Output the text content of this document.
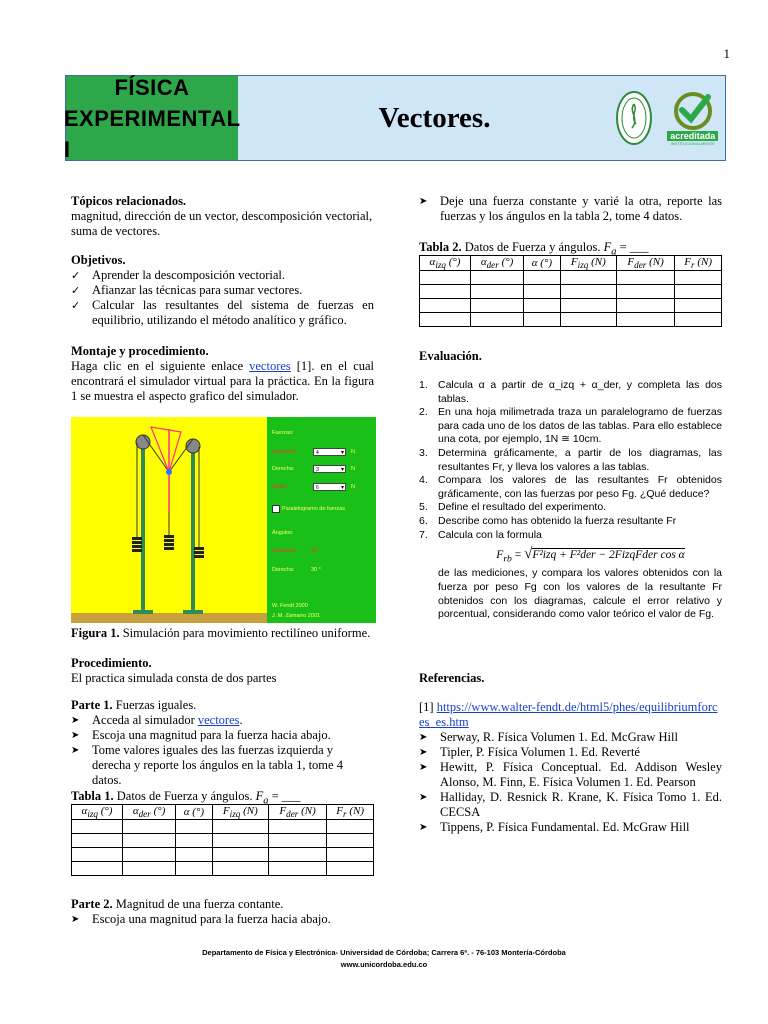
1
FÍSICA
EXPERIMENTAL I
Vectores.
acreditada
INSTITUCIONALMENTE
Tópicos relacionados.

magnitud, dirección de un vector, descomposición vectorial, suma de vectores.

Objetivos.
✓ Aprender la descomposición vectorial.
✓ Afianzar las técnicas para sumar vectores.
✓ Calcular las resultantes del sistema de fuerzas en equilibrio, utilizando el método analítico y gráfico.
Montaje y procedimiento.

Haga clic en el siguiente enlace vectores [1]. en el cual encontrará el simulador virtual para la práctica. En la figura 1 se muestra el aspecto grafico del simulador.

Fuerzas:
Izquierda:	4 ▾	N
Derecha:	3 ▾	N
Abajo:	6 ▾	N
Paralelogramo de fuerzas
Ángulos:
Izquierda:	20 °
Derecha:	30 °
W. Fendt 2000
J. M. Zamarro 2001
Figura 1. Simulación para movimiento rectilíneo uniforme.
Procedimiento.

El practica simulada consta de dos partes

Parte 1. Fuerzas iguales.

➤ Acceda al simulador vectores.
➤ Escoja una magnitud para la fuerza hacia abajo.
➤ Tome valores iguales des las fuerzas izquierda y derecha y reporte los ángulos en la tabla 1, tome 4 datos.
Tabla 1. Datos de Fuerza y ángulos. $F_a$ = ___
$\alpha_{izq}$ (°)	$\alpha_{der}$ (°)	α (°)	$F_{izq}$ (N)	$F_{der}$ (N)	$F_r$ (N)

Parte 2. Magnitud de una fuerza contante.

➤ Escoja una magnitud para la fuerza hacia abajo.
➤ Deje una fuerza constante y varié la otra, reporte las fuerzas y los ángulos en la tabla 2, tome 4 datos.
Tabla 2. Datos de Fuerza y ángulos. $F_a$ = ___
$\alpha_{izq}$ (°)	$\alpha_{der}$ (°)	α (°)	$F_{izq}$ (N)	$F_{der}$ (N)	$F_r$ (N)

Evaluación.
1. Calcula α a partir de α_izq + α_der, y completa las dos tablas.
2. En una hoja milimetrada traza un paralelogramo de fuerzas para cada uno de los datos de las tablas. Para ello establece una cota, por ejemplo, 1N ≅ 10cm.
3. Determina gráficamente, a partir de los diagramas, las resultantes Fr, y lleva los valores a las tablas.
4. Compara los valores de las resultantes Fr obtenidos gráficamente, con las fuerzas por peso Fg. ¿Qué deduce?
5. Define el resultado del experimento.
6. Describe como has obtenido la fuerza resultante Fr
7. Calcula con la formula
$F_{rb} = √F^2izq + F^2der$ − 2FizqFder cos α

de las mediciones, y compara los valores obtenidos con la fuerza por peso Fg con los valores de la resultante Fr obtenidos con los diagramas, calcule el error relativo y porcentual, considerando como valor teórico el valor de Fg.

Referencias.

[1] https://www.walter-fendt.de/html5/phes/equilibriumforces_es.htm

➤ Serway, R. Física Volumen 1. Ed. McGraw Hill
➤ Tipler, P. Física Volumen 1. Ed. Reverté
➤ Hewitt, P. Física Conceptual. Ed. Addison Wesley Alonso, M. Finn, E. Física Volumen 1. Ed. Pearson
➤ Halliday, D. Resnick R. Krane, K. Física Tomo 1. Ed. CECSA
➤ Tippens, P. Física Fundamental. Ed. McGraw Hill
Departamento de Física y Electrónica- Universidad de Córdoba; Carrera 6ª. - 76-103 Montería-Córdoba
www.unicordoba.edu.co
